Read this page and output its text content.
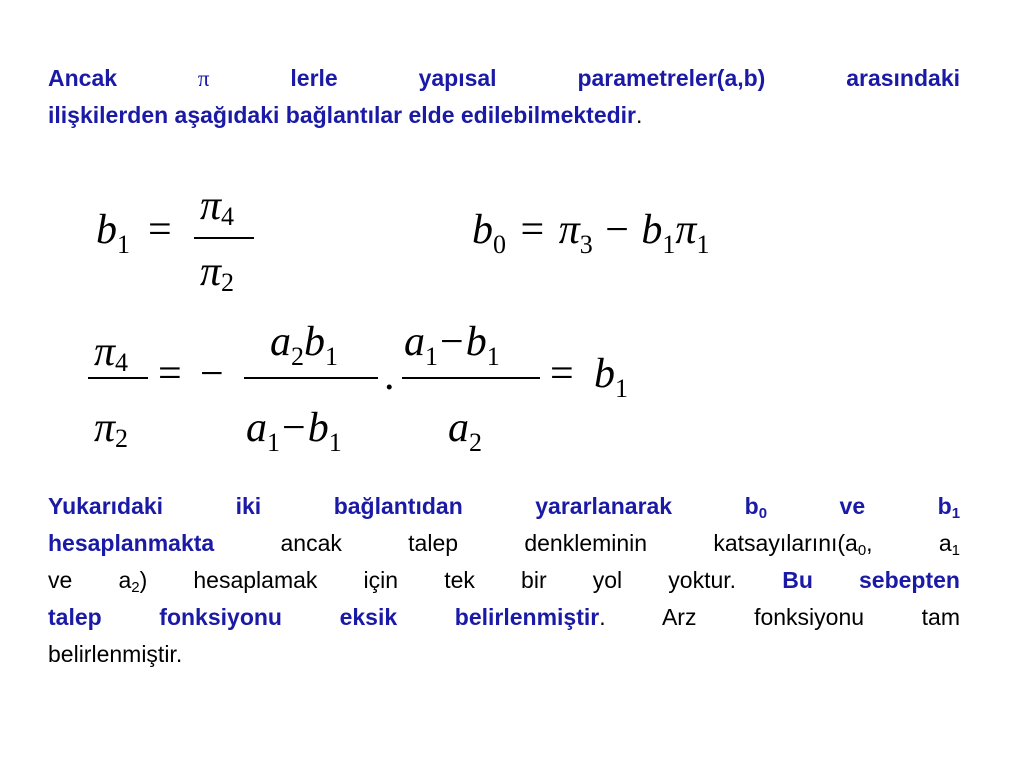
Ancak	π	lerle	yapısal	parametreler(a,b)	arasındaki
ilişkilerden aşağıdaki bağlantılar elde edilebilmektedir.
$b_1$ =
π4
π2
$b_0 = \pi_3 - b_1\pi_1$
π4
π2
= −
$a_2b_1$
$a_1-b_1$
.
$a_1-b_1$
$a_2$
= $b_1$
Yukarıdaki	iki	bağlantıdan	yararlanarak	$b_0$	ve	$b_1$
hesaplanmakta ancak talep denkleminin $katsayılarını(a_0$, $a_1$
ve $a_2$) hesaplamak için tek bir yol yoktur. Bu sebepten
talep fonksiyonu eksik belirlenmiştir. Arz fonksiyonu tam
belirlenmiştir.
